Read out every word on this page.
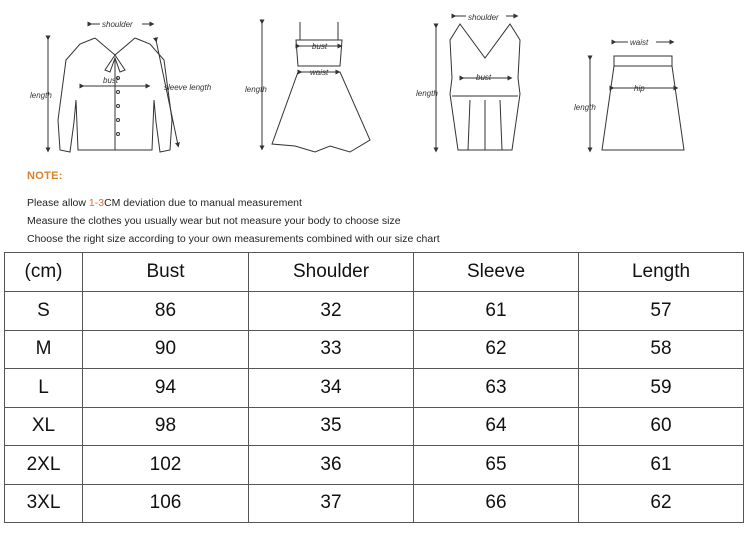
shoulder
bust
sleeve length
length
bust
waist
length
shoulder
bust
length
waist
hip
length
NOTE:
Please allow 1-3CM deviation due to manual measurement
Measure the clothes you usually wear but not measure your body to choose size
Choose the right size according to your own measurements combined with our size chart
(cm)	Bust	Shoulder	Sleeve	Length
S	86	32	61	57
M	90	33	62	58
L	94	34	63	59
XL	98	35	64	60
2XL	102	36	65	61
3XL	106	37	66	62
